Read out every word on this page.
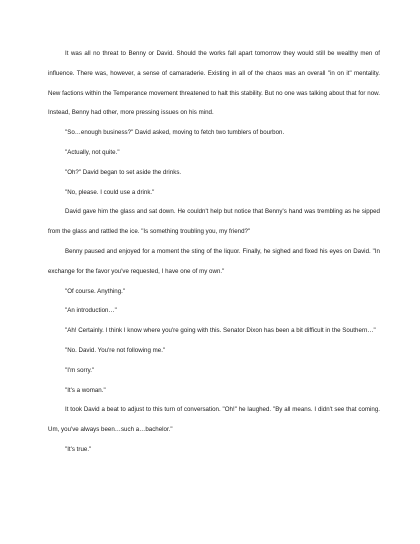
It was all no threat to Benny or David. Should the works fall apart tomorrow they would still be wealthy men of influence. There was, however, a sense of camaraderie. Existing in all of the chaos was an overall "in on it" mentality. New factions within the Temperance movement threatened to halt this stability. But no one was talking about that for now. Instead, Benny had other, more pressing issues on his mind.

"So…enough business?" David asked, moving to fetch two tumblers of bourbon.

"Actually, not quite."

"Oh?" David began to set aside the drinks.

"No, please. I could use a drink."

David gave him the glass and sat down. He couldn't help but notice that Benny's hand was trembling as he sipped from the glass and rattled the ice. "Is something troubling you, my friend?"

Benny paused and enjoyed for a moment the sting of the liquor. Finally, he sighed and fixed his eyes on David. "In exchange for the favor you've requested, I have one of my own."

"Of course. Anything."

"An introduction…"

"Ah! Certainly. I think I know where you're going with this. Senator Dixon has been a bit difficult in the Southern…"

"No. David. You're not following me."

"I'm sorry."

"It's a woman."

It took David a beat to adjust to this turn of conversation. "Oh!" he laughed. "By all means. I didn't see that coming. Um, you've always been…such a…bachelor."

"It's true."
